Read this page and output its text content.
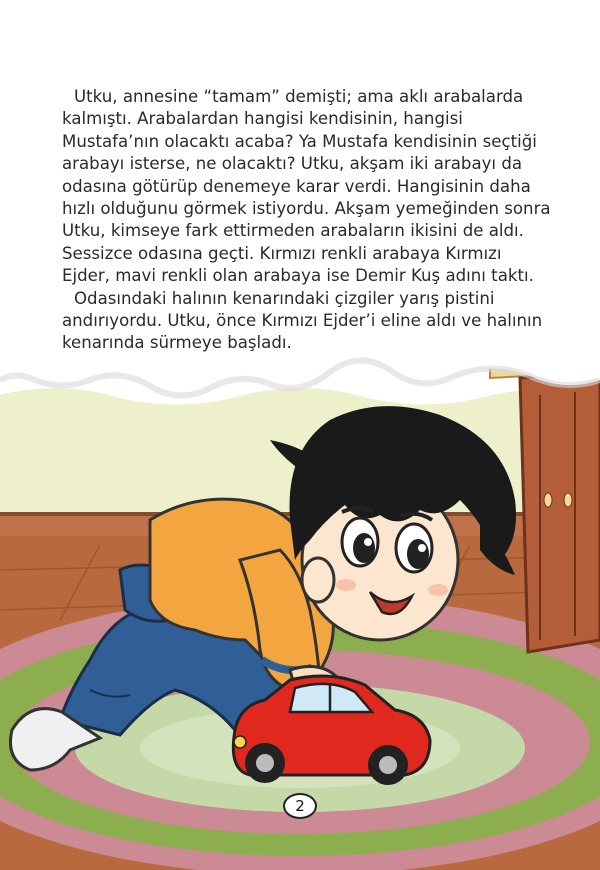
Utku, annesine “tamam” demişti; ama aklı arabalarda kalmıştı. Arabalardan hangisi kendisinin, hangisi Mustafa’nın olacaktı acaba? Ya Mustafa kendisinin seçtiği arabayı isterse, ne olacaktı? Utku, akşam iki arabayı da odasına götürüp denemeye karar verdi. Hangisinin daha hızlı olduğunu görmek istiyordu. Akşam yemeğinden sonra Utku, kimseye fark ettirmeden arabaların ikisini de aldı. Sessizce odasına geçti. Kırmızı renkli arabaya Kırmızı Ejder, mavi renkli olan arabaya ise Demir Kuş adını taktı.

Odasındaki halının kenarındaki çizgiler yarış pistini andırıyordu. Utku, önce Kırmızı Ejder’i eline aldı ve halının kenarında sürmeye başladı.

2
